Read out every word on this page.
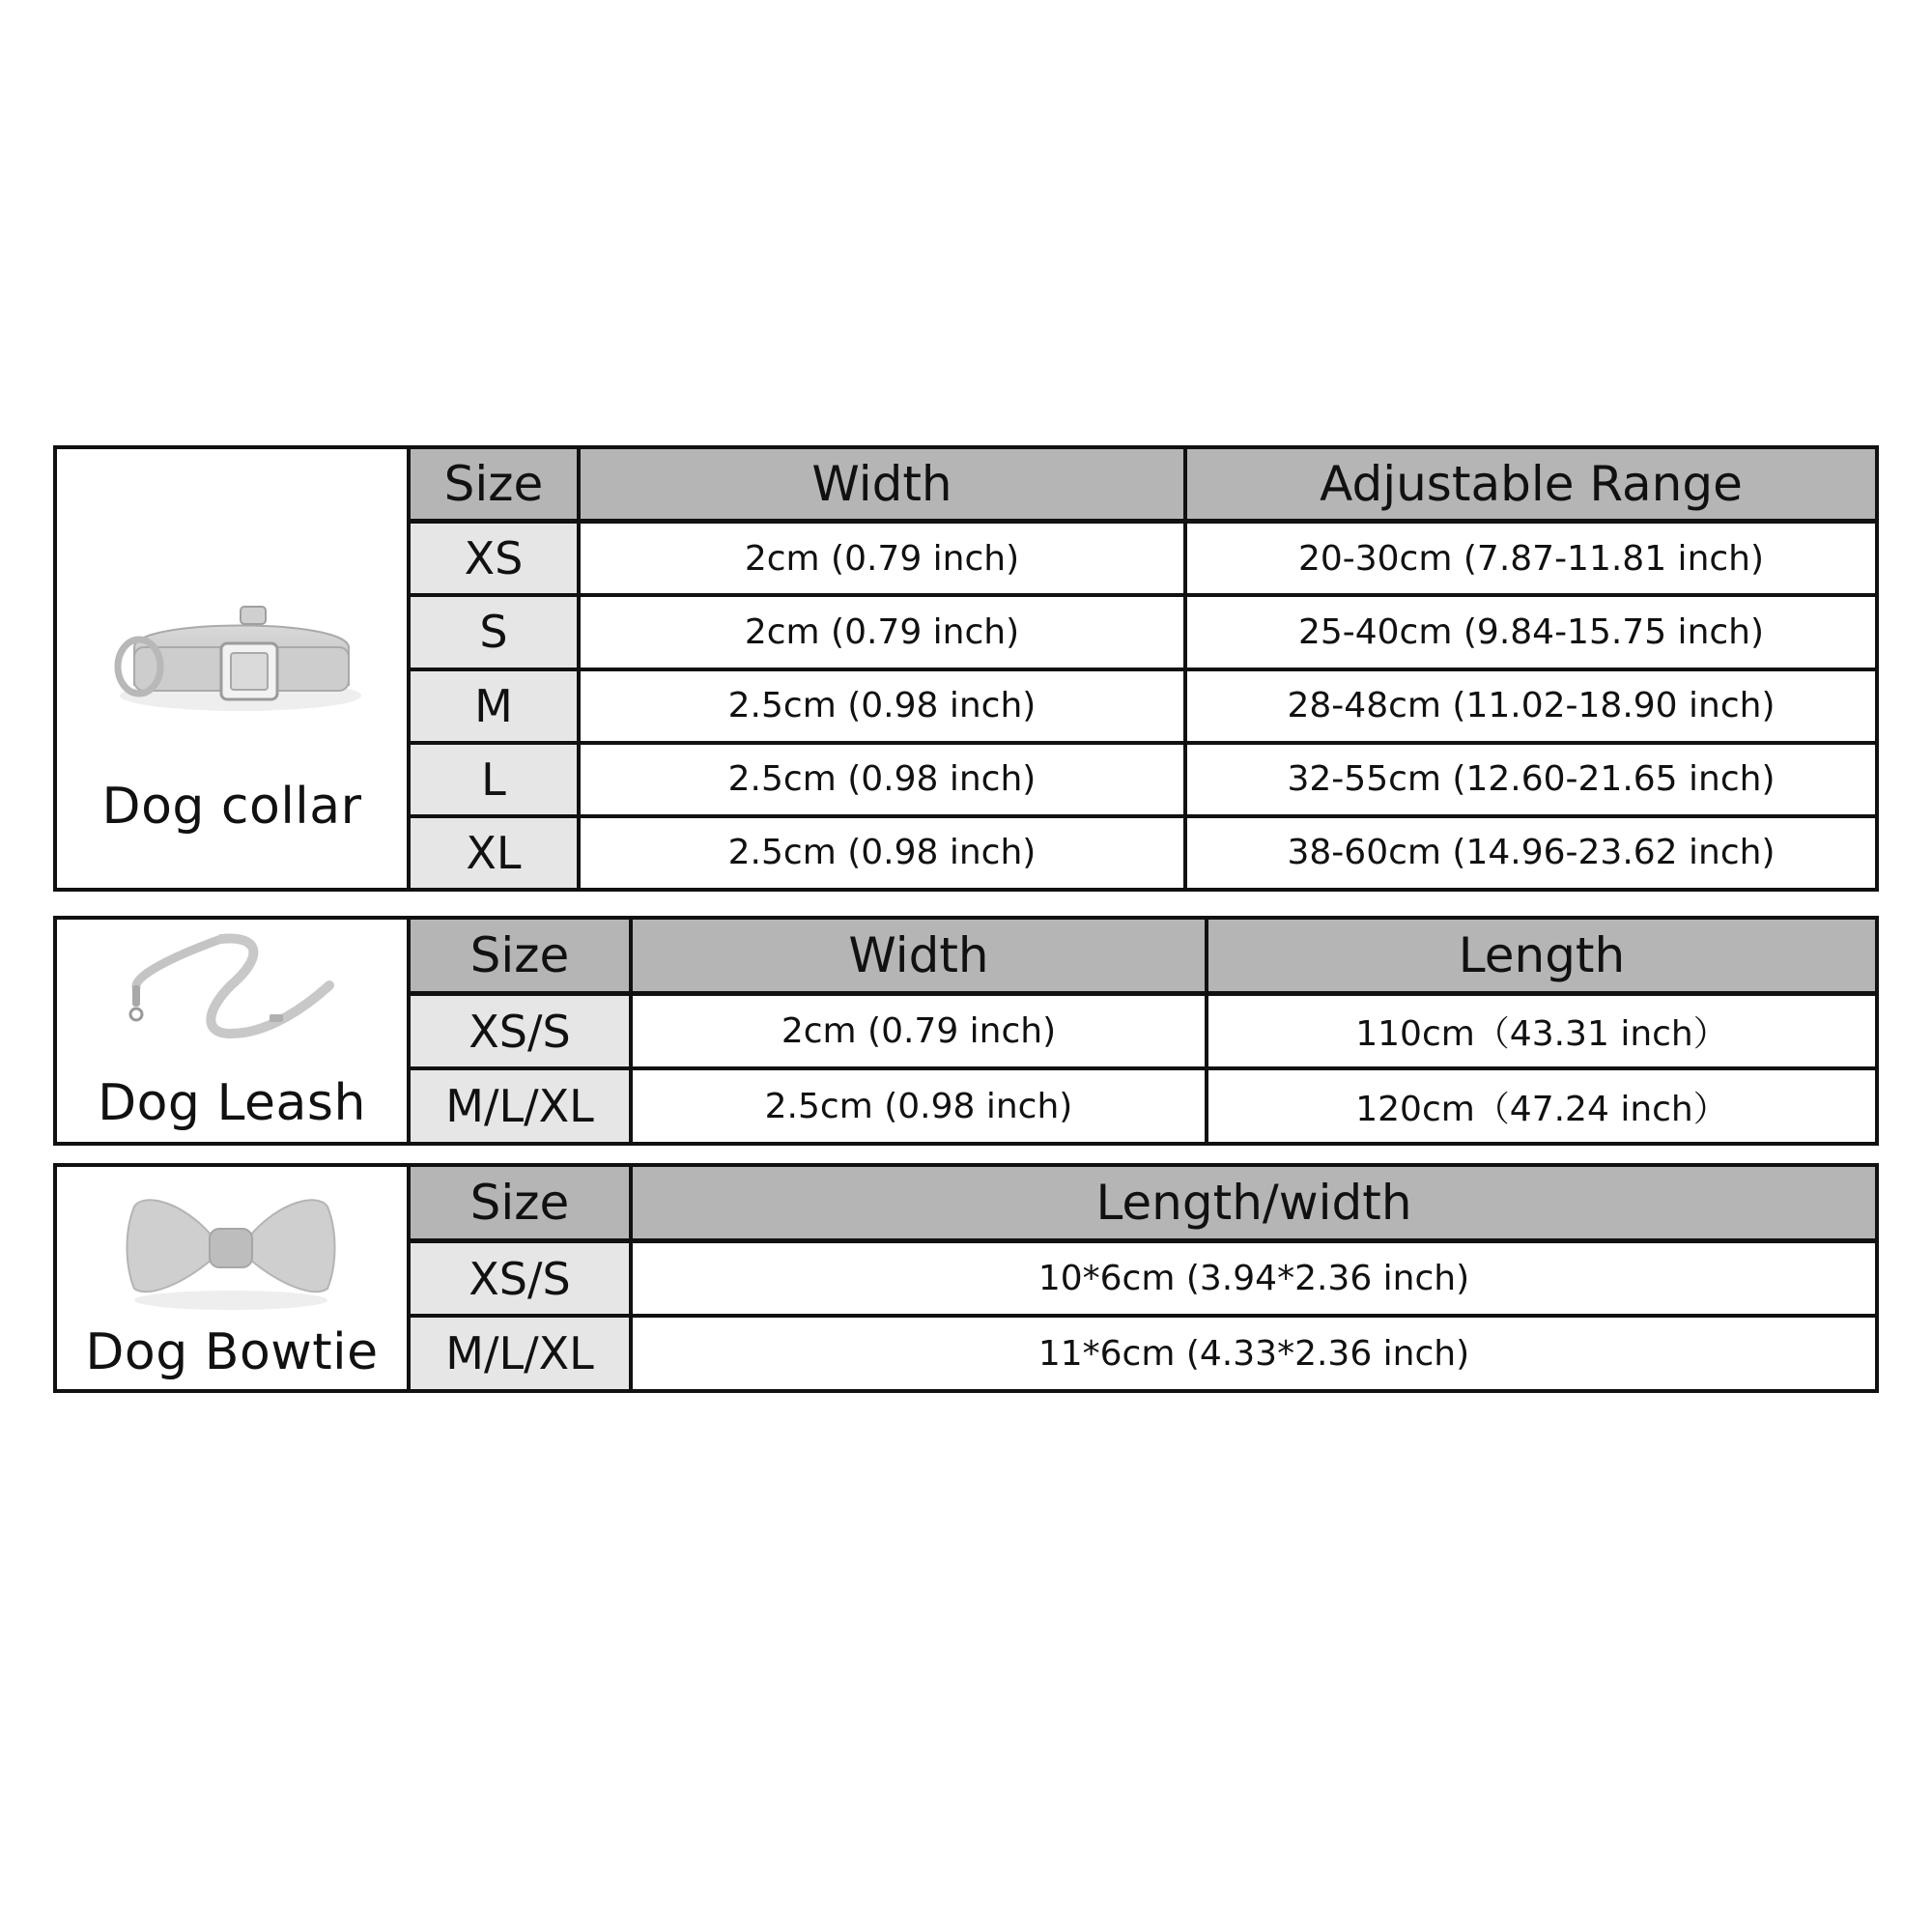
Dog collar
Size	Width	Adjustable Range
XS	2cm (0.79 inch)	20-30cm (7.87-11.81 inch)
S	2cm (0.79 inch)	25-40cm (9.84-15.75 inch)
M	2.5cm (0.98 inch)	28-48cm (11.02-18.90 inch)
L	2.5cm (0.98 inch)	32-55cm (12.60-21.65 inch)
XL	2.5cm (0.98 inch)	38-60cm (14.96-23.62 inch)
Dog Leash
Size	Width	Length
XS/S	2cm (0.79 inch)	110cm（43.31 inch）
M/L/XL	2.5cm (0.98 inch)	120cm（47.24 inch）
Dog Bowtie
Size	Length/width
XS/S	10*6cm (3.94*2.36 inch)
M/L/XL	11*6cm (4.33*2.36 inch)
